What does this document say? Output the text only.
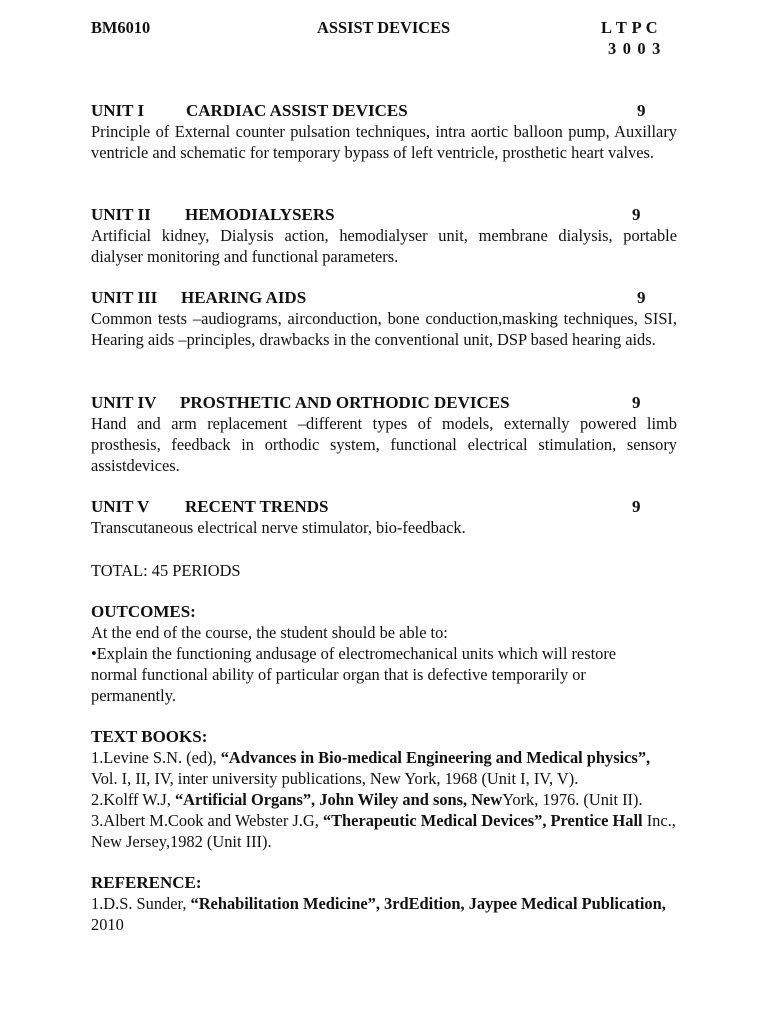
BM6010	ASSIST DEVICES	L T P C
3 0 0 3
UNIT I CARDIAC ASSIST DEVICES	9

Principle of External counter pulsation techniques, intra aortic balloon pump, Auxillary ventricle and schematic for temporary bypass of left ventricle, prosthetic heart valves.

UNIT II HEMODIALYSERS	9

Artificial kidney, Dialysis action, hemodialyser unit, membrane dialysis, portable dialyser monitoring and functional parameters.

UNIT III HEARING AIDS	9

Common tests –audiograms, airconduction, bone conduction,masking techniques, SISI, Hearing aids –principles, drawbacks in the conventional unit, DSP based hearing aids.

UNIT IV PROSTHETIC AND ORTHODIC DEVICES	9

Hand and arm replacement –different types of models, externally powered limb prosthesis, feedback in orthodic system, functional electrical stimulation, sensory assistdevices.

UNIT V RECENT TRENDS	9

Transcutaneous electrical nerve stimulator, bio-feedback.

TOTAL: 45 PERIODS

OUTCOMES:

At the end of the course, the student should be able to:

•Explain the functioning andusage of electromechanical units which will restore normal functional ability of particular organ that is defective temporarily or permanently.

TEXT BOOKS:

1.Levine S.N. (ed), “Advances in Bio-medical Engineering and Medical physics”, Vol. I, II, IV, inter university publications, New York, 1968 (Unit I, IV, V).

2.Kolff W.J, “Artificial Organs”, John Wiley and sons, NewYork, 1976. (Unit II).

3.Albert M.Cook and Webster J.G, “Therapeutic Medical Devices”, Prentice Hall Inc., New Jersey,1982 (Unit III).

REFERENCE:

1.D.S. Sunder, “Rehabilitation Medicine”, 3rdEdition, Jaypee Medical Publication, 2010
